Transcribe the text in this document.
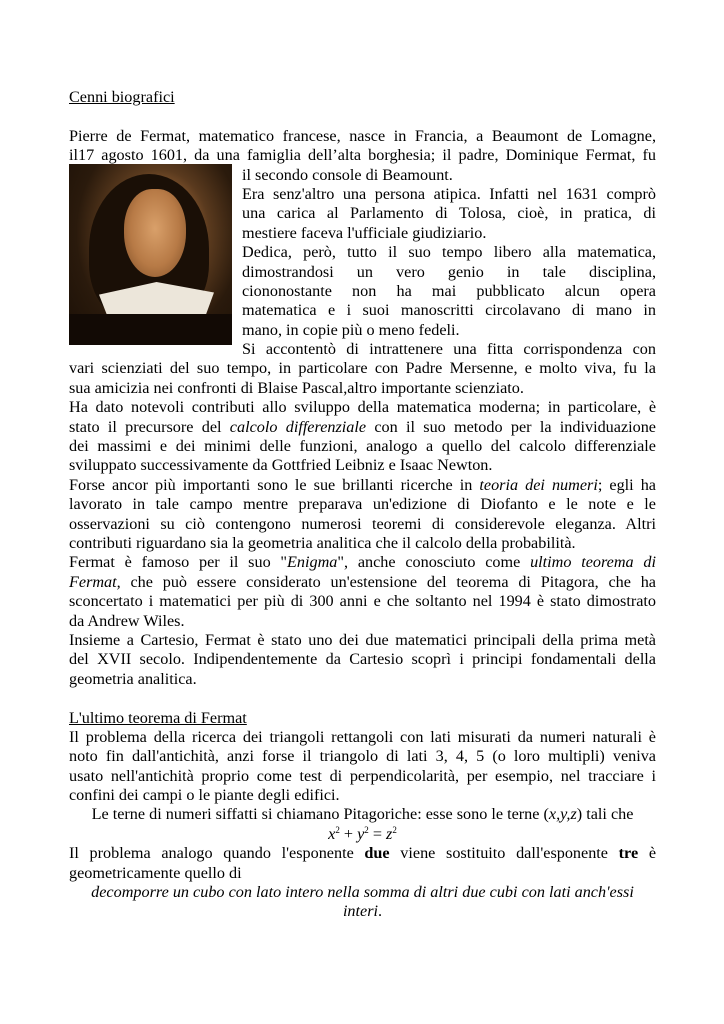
Cenni biografici
Pierre de Fermat, matematico francese, nasce in Francia, a Beaumont de Lomagne,
il17 agosto 1601, da una famiglia dell’alta borghesia; il padre, Dominique Fermat, fu
il secondo console di Beamount.
Era senz'altro una persona atipica. Infatti nel 1631 comprò
una carica al Parlamento di Tolosa, cioè, in pratica, di
mestiere faceva l'ufficiale giudiziario.
Dedica, però, tutto il suo tempo libero alla matematica,
dimostrandosi un vero genio in tale disciplina,
ciononostante non ha mai pubblicato alcun opera
matematica e i suoi manoscritti circolavano di mano in
mano, in copie più o meno fedeli.
Si accontentò di intrattenere una fitta corrispondenza con
vari scienziati del suo tempo, in particolare con Padre Mersenne, e molto viva, fu la
sua amicizia nei confronti di Blaise Pascal,altro importante scienziato.
Ha dato notevoli contributi allo sviluppo della matematica moderna; in particolare, è
stato il precursore del calcolo differenziale con il suo metodo per la individuazione
dei massimi e dei minimi delle funzioni, analogo a quello del calcolo differenziale
sviluppato successivamente da Gottfried Leibniz e Isaac Newton.
Forse ancor più importanti sono le sue brillanti ricerche in teoria dei numeri; egli ha
lavorato in tale campo mentre preparava un'edizione di Diofanto e le note e le
osservazioni su ciò contengono numerosi teoremi di considerevole eleganza. Altri
contributi riguardano sia la geometria analitica che il calcolo della probabilità.
Fermat è famoso per il suo "Enigma", anche conosciuto come ultimo teorema di
Fermat, che può essere considerato un'estensione del teorema di Pitagora, che ha
sconcertato i matematici per più di 300 anni e che soltanto nel 1994 è stato dimostrato
da Andrew Wiles.
Insieme a Cartesio, Fermat è stato uno dei due matematici principali della prima metà
del XVII secolo. Indipendentemente da Cartesio scoprì i principi fondamentali della
geometria analitica.
L'ultimo teorema di Fermat
Il problema della ricerca dei triangoli rettangoli con lati misurati da numeri naturali è
noto fin dall'antichità, anzi forse il triangolo di lati 3, 4, 5 (o loro multipli) veniva
usato nell'antichità proprio come test di perpendicolarità, per esempio, nel tracciare i
confini dei campi o le piante degli edifici.
Le terne di numeri siffatti si chiamano Pitagoriche: esse sono le terne (x,y,z) tali che
$x^2 + y^2 = z^2$
Il problema analogo quando l'esponente due viene sostituito dall'esponente tre è
geometricamente quello di
decomporre un cubo con lato intero nella somma di altri due cubi con lati anch'essi
interi.
